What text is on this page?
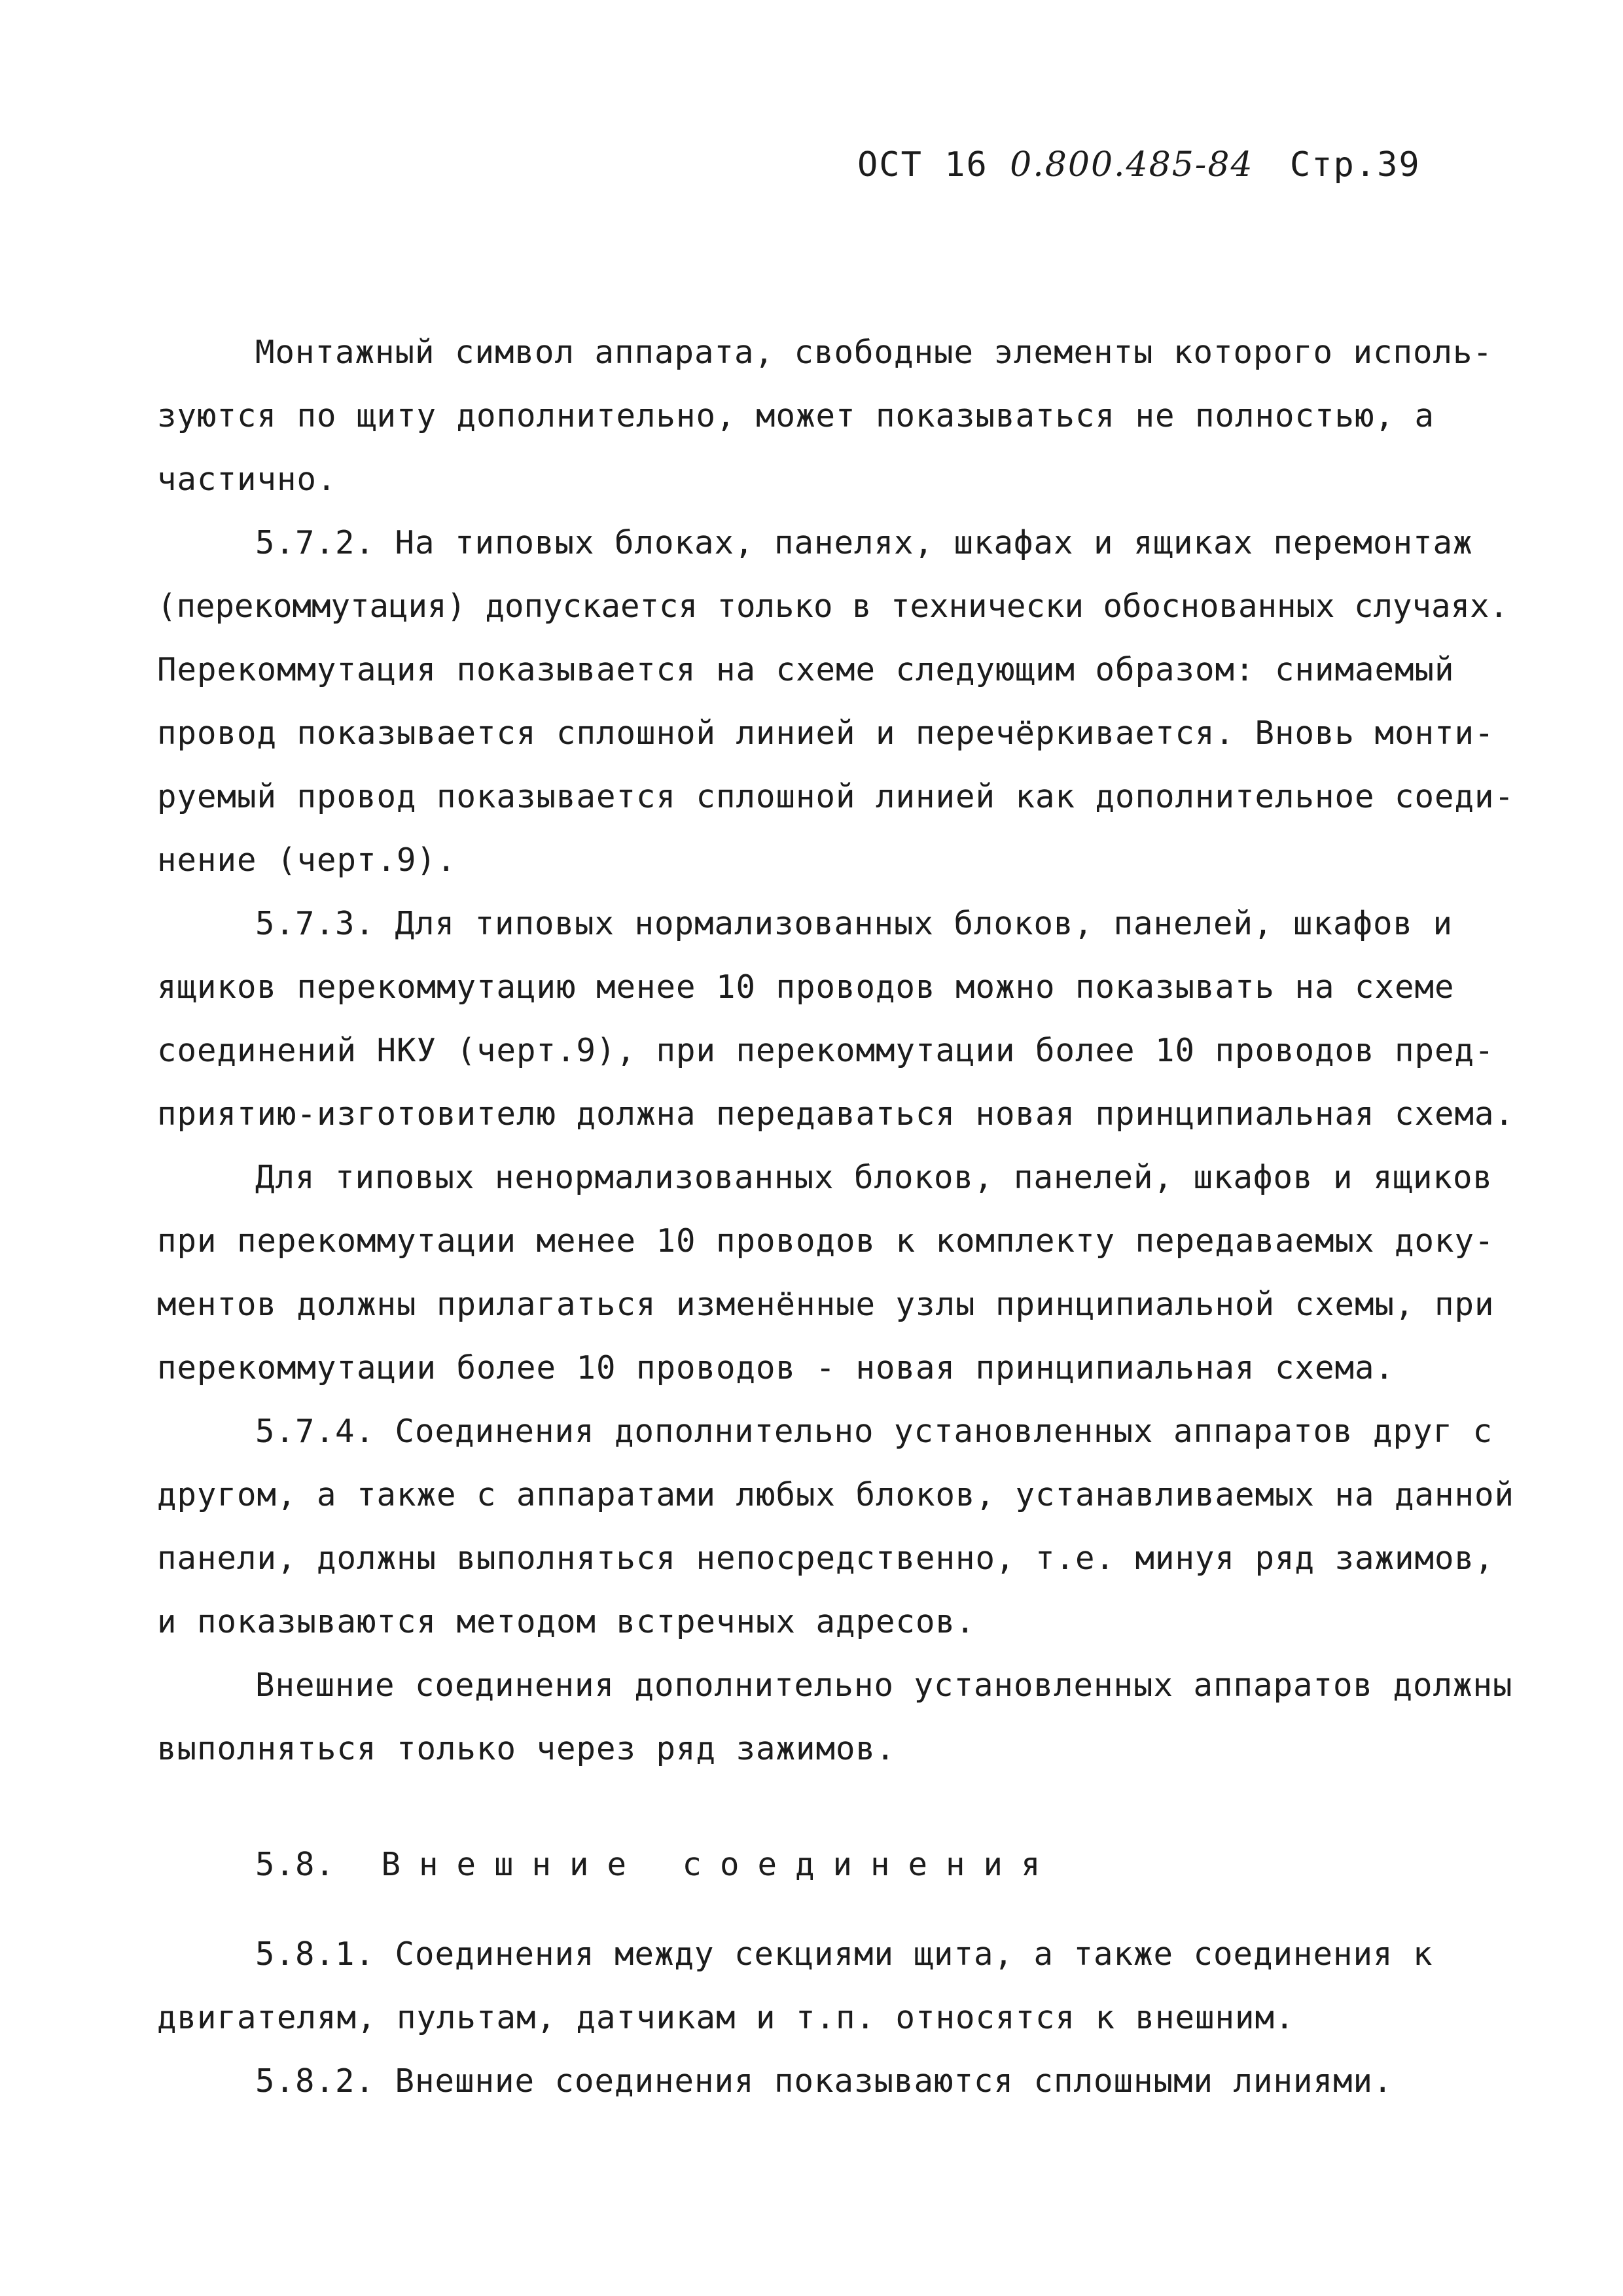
ОСТ 16 0.800.485-84 Стр.39
Монтажный символ аппарата, свободные элементы которого исполь-
зуются по щиту дополнительно, может показываться не полностью, а
частично.
5.7.2. На типовых блоках, панелях, шкафах и ящиках перемонтаж
(перекоммутация) допускается только в технически обоснованных случаях.
Перекоммутация показывается на схеме следующим образом: снимаемый
провод показывается сплошной линией и перечёркивается. Вновь монти-
руемый провод показывается сплошной линией как дополнительное соеди-
нение (черт.9).
5.7.3. Для типовых нормализованных блоков, панелей, шкафов и
ящиков перекоммутацию менее 10 проводов можно показывать на схеме
соединений НКУ (черт.9), при перекоммутации более 10 проводов пред-
приятию-изготовителю должна передаваться новая принципиальная схема.
Для типовых ненормализованных блоков, панелей, шкафов и ящиков
при перекоммутации менее 10 проводов к комплекту передаваемых доку-
ментов должны прилагаться изменённые узлы принципиальной схемы, при
перекоммутации более 10 проводов - новая принципиальная схема.
5.7.4. Соединения дополнительно установленных аппаратов друг с
другом, а также с аппаратами любых блоков, устанавливаемых на данной
панели, должны выполняться непосредственно, т.е. минуя ряд зажимов,
и показываются методом встречных адресов.
Внешние соединения дополнительно установленных аппаратов должны
выполняться только через ряд зажимов.
5.8. Внешние соединения
5.8.1. Соединения между секциями щита, а также соединения к
двигателям, пультам, датчикам и т.п. относятся к внешним.
5.8.2. Внешние соединения показываются сплошными линиями.
